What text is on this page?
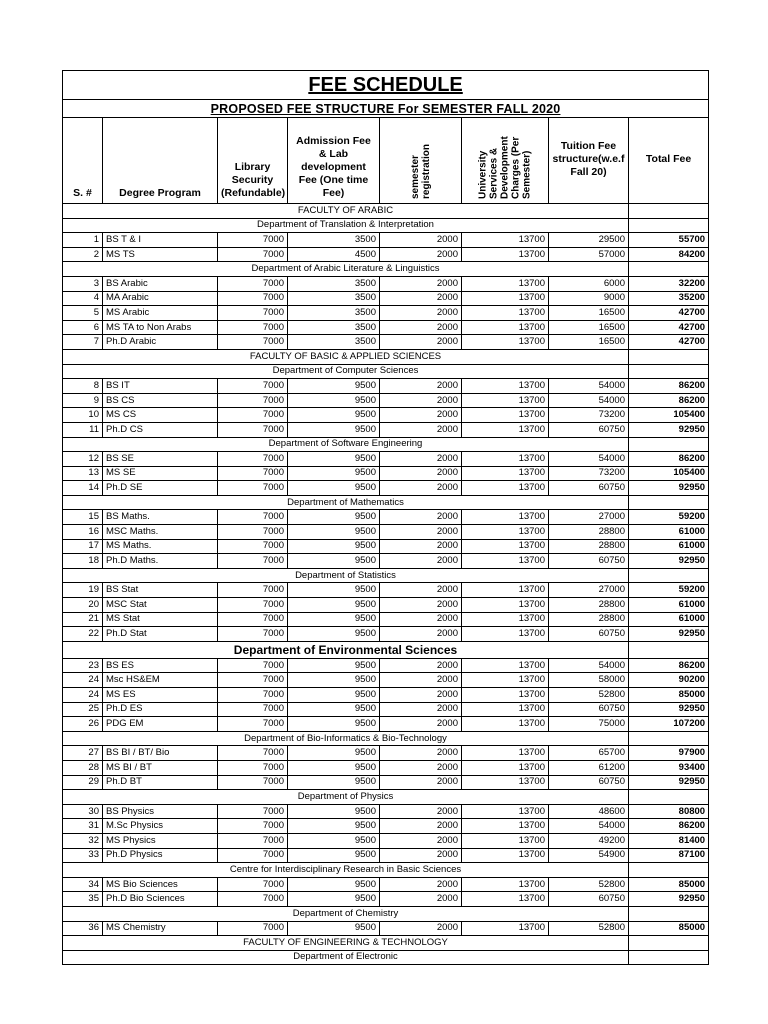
FEE SCHEDULE							
PROPOSED FEE STRUCTURE For SEMESTER FALL 2020							
S. #	Degree Program	Library Security (Refundable)	Admission Fee & Lab development Fee (One time Fee)	semester registration	University Services & Development Charges (Per Semester)	Tuition Fee structure(w.e.f Fall 20)	Total Fee
FACULTY OF ARABIC							
Department of Translation & Interpretation							
1	BS T & I	7000	3500	2000	13700	29500	55700
2	MS TS	7000	4500	2000	13700	57000	84200
Department of Arabic Literature & Linguistics							
3	BS Arabic	7000	3500	2000	13700	6000	32200
4	MA Arabic	7000	3500	2000	13700	9000	35200
5	MS Arabic	7000	3500	2000	13700	16500	42700
6	MS TA to Non Arabs	7000	3500	2000	13700	16500	42700
7	Ph.D Arabic	7000	3500	2000	13700	16500	42700
FACULTY OF BASIC & APPLIED SCIENCES							
Department of Computer Sciences							
8	BS IT	7000	9500	2000	13700	54000	86200
9	BS CS	7000	9500	2000	13700	54000	86200
10	MS CS	7000	9500	2000	13700	73200	105400
11	Ph.D CS	7000	9500	2000	13700	60750	92950
Department of Software Engineering							
12	BS SE	7000	9500	2000	13700	54000	86200
13	MS SE	7000	9500	2000	13700	73200	105400
14	Ph.D SE	7000	9500	2000	13700	60750	92950
Department of Mathematics							
15	BS Maths.	7000	9500	2000	13700	27000	59200
16	MSC Maths.	7000	9500	2000	13700	28800	61000
17	MS Maths.	7000	9500	2000	13700	28800	61000
18	Ph.D Maths.	7000	9500	2000	13700	60750	92950
Department of Statistics							
19	BS Stat	7000	9500	2000	13700	27000	59200
20	MSC Stat	7000	9500	2000	13700	28800	61000
21	MS Stat	7000	9500	2000	13700	28800	61000
22	Ph.D Stat	7000	9500	2000	13700	60750	92950
Department of Environmental Sciences							
23	BS ES	7000	9500	2000	13700	54000	86200
24	Msc HS&EM	7000	9500	2000	13700	58000	90200
24	MS ES	7000	9500	2000	13700	52800	85000
25	Ph.D ES	7000	9500	2000	13700	60750	92950
26	PDG EM	7000	9500	2000	13700	75000	107200
Department of Bio-Informatics & Bio-Technology							
27	BS BI / BT/ Bio	7000	9500	2000	13700	65700	97900
28	MS BI / BT	7000	9500	2000	13700	61200	93400
29	Ph.D BT	7000	9500	2000	13700	60750	92950
Department of Physics							
30	BS Physics	7000	9500	2000	13700	48600	80800
31	M.Sc Physics	7000	9500	2000	13700	54000	86200
32	MS Physics	7000	9500	2000	13700	49200	81400
33	Ph.D Physics	7000	9500	2000	13700	54900	87100
Centre for Interdisciplinary Research in Basic Sciences							
34	MS Bio Sciences	7000	9500	2000	13700	52800	85000
35	Ph.D Bio Sciences	7000	9500	2000	13700	60750	92950
Department of Chemistry							
36	MS Chemistry	7000	9500	2000	13700	52800	85000
FACULTY OF ENGINEERING & TECHNOLOGY							
Department of Electronic							
